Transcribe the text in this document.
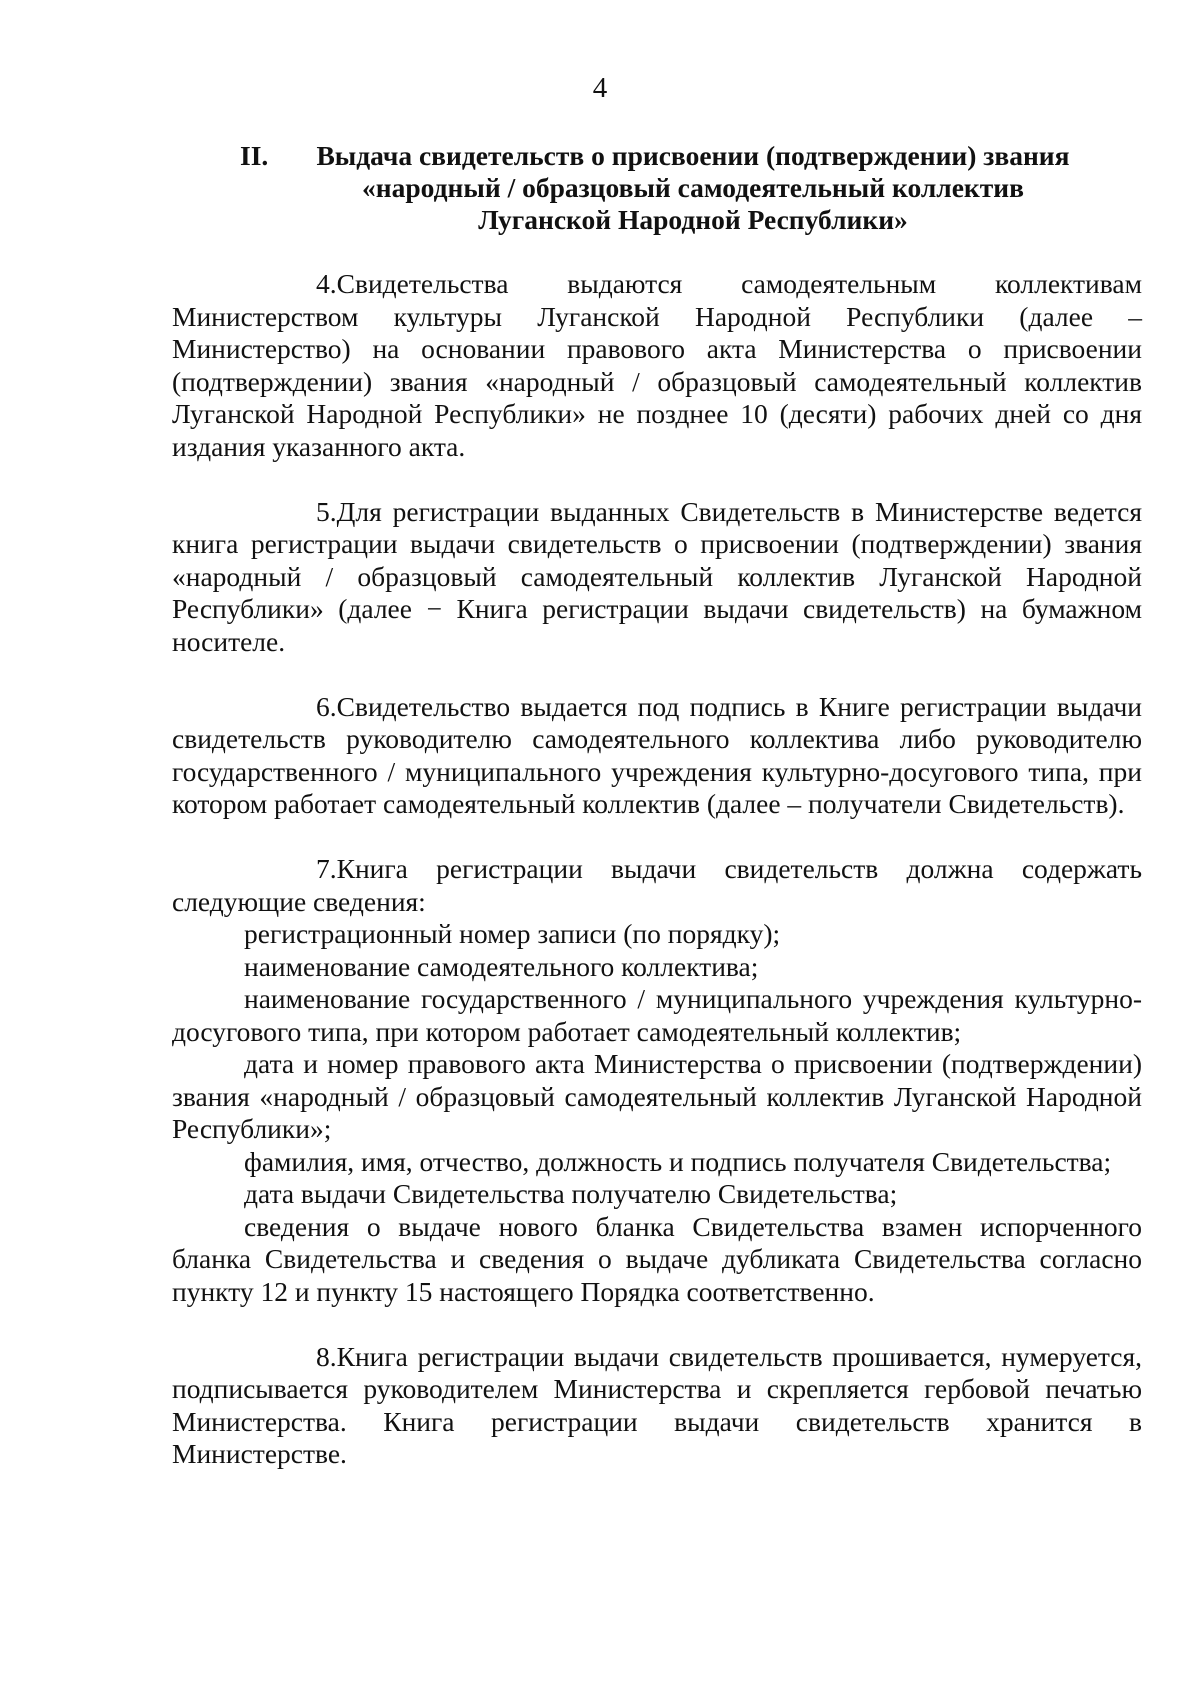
4
II.	Выдача свидетельств о присвоении (подтверждении) звания
«народный / образцовый самодеятельный коллектив
Луганской Народной Республики»

4.Свидетельства выдаются самодеятельным коллективам Министерством культуры Луганской Народной Республики (далее – Министерство) на основании правового акта Министерства о присвоении (подтверждении) звания «народный / образцовый самодеятельный коллектив Луганской Народной Республики» не позднее 10 (десяти) рабочих дней со дня издания указанного акта.

5.Для регистрации выданных Свидетельств в Министерстве ведется книга регистрации выдачи свидетельств о присвоении (подтверждении) звания «народный / образцовый самодеятельный коллектив Луганской Народной Республики» (далее − Книга регистрации выдачи свидетельств) на бумажном носителе.

6.Свидетельство выдается под подпись в Книге регистрации выдачи свидетельств руководителю самодеятельного коллектива либо руководителю государственного / муниципального учреждения культурно-досугового типа, при котором работает самодеятельный коллектив (далее – получатели Свидетельств).

7.Книга регистрации выдачи свидетельств должна содержать следующие сведения:

регистрационный номер записи (по порядку);

наименование самодеятельного коллектива;

наименование государственного / муниципального учреждения культурно-досугового типа, при котором работает самодеятельный коллектив;

дата и номер правового акта Министерства о присвоении (подтверждении) звания «народный / образцовый самодеятельный коллектив Луганской Народной Республики»;

фамилия, имя, отчество, должность и подпись получателя Свидетельства;

дата выдачи Свидетельства получателю Свидетельства;

сведения о выдаче нового бланка Свидетельства взамен испорченного бланка Свидетельства и сведения о выдаче дубликата Свидетельства согласно пункту 12 и пункту 15 настоящего Порядка соответственно.

8.Книга регистрации выдачи свидетельств прошивается, нумеруется, подписывается руководителем Министерства и скрепляется гербовой печатью Министерства. Книга регистрации выдачи свидетельств хранится в Министерстве.
